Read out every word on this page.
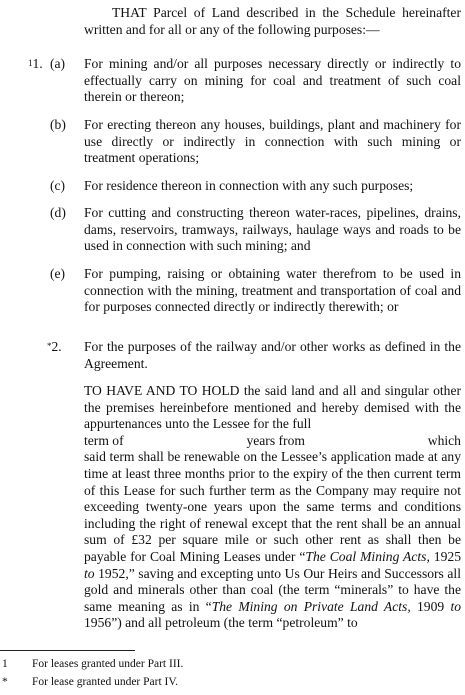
THAT Parcel of Land described in the Schedule hereinafter written and for all or any of the following purposes:—

$^1$1. (a) For mining and/or all purposes necessary directly or indirectly to effectually carry on mining for coal and treatment of such coal therein or thereon;
(b) For erecting thereon any houses, buildings, plant and machinery for use directly or indirectly in connection with such mining or treatment operations;
(c) For residence thereon in connection with any such purposes;
(d) For cutting and constructing thereon water-races, pipelines, drains, dams, reservoirs, tramways, railways, haulage ways and roads to be used in connection with such mining; and
(e) For pumping, raising or obtaining water therefrom to be used in connection with the mining, treatment and transportation of coal and for purposes connected directly or indirectly therewith; or
*2. For the purposes of the railway and/or other works as defined in the Agreement.

TO HAVE AND TO HOLD the said land and all and singular other the premises hereinbefore mentioned and hereby demised with the appurtenances unto the Lessee for the full

term of	years from	which

said term shall be renewable on the Lessee’s application made at any time at least three months prior to the expiry of the then current term of this Lease for such further term as the Company may require not exceeding twenty-one years upon the same terms and conditions including the right of renewal except that the rent shall be an annual sum of £32 per square mile or such other rent as shall then be payable for Coal Mining Leases under “The Coal Mining Acts, 1925 to 1952,” saving and excepting unto Us Our Heirs and Successors all gold and minerals other than coal (the term “minerals” to have the same meaning as in “The Mining on Private Land Acts, 1909 to 1956”) and all petroleum (the term “petroleum” to

1 For leases granted under Part III.
* For lease granted under Part IV.
